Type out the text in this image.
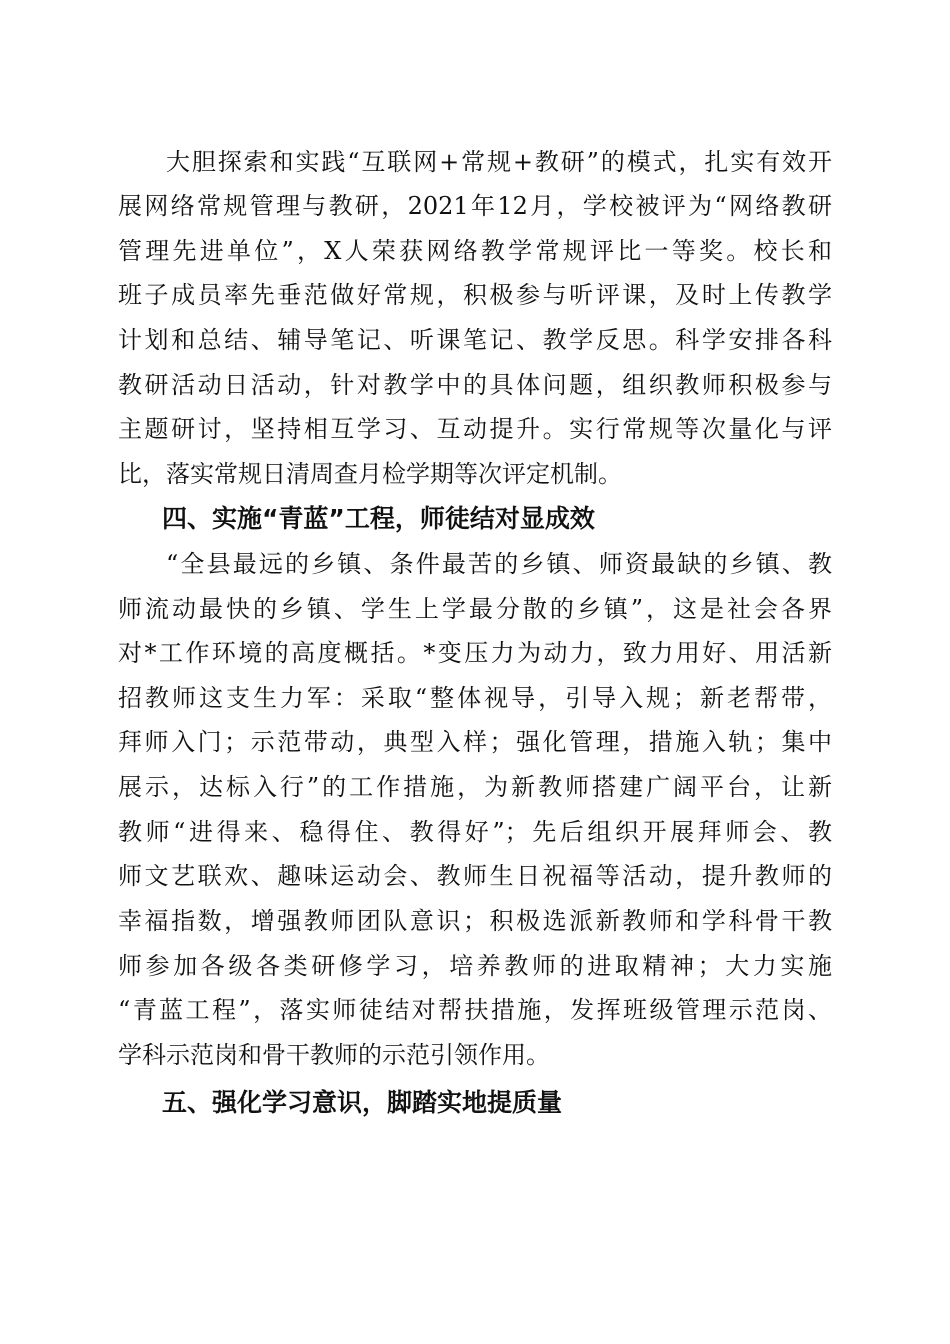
大胆探索和实践“互联网+常规+教研”的模式，扎实有效开
展网络常规管理与教研，2021年12月，学校被评为“网络教研
管理先进单位”，X人荣获网络教学常规评比一等奖。校长和
班子成员率先垂范做好常规，积极参与听评课，及时上传教学
计划和总结、辅导笔记、听课笔记、教学反思。科学安排各科
教研活动日活动，针对教学中的具体问题，组织教师积极参与
主题研讨，坚持相互学习、互动提升。实行常规等次量化与评
比，落实常规日清周查月检学期等次评定机制。
四、实施“青蓝”工程，师徒结对显成效
“全县最远的乡镇、条件最苦的乡镇、师资最缺的乡镇、教
师流动最快的乡镇、学生上学最分散的乡镇”，这是社会各界
对*工作环境的高度概括。*变压力为动力，致力用好、用活新
招教师这支生力军：采取“整体视导，引导入规；新老帮带，
拜师入门；示范带动，典型入样；强化管理，措施入轨；集中
展示，达标入行”的工作措施，为新教师搭建广阔平台，让新
教师“进得来、稳得住、教得好”；先后组织开展拜师会、教
师文艺联欢、趣味运动会、教师生日祝福等活动，提升教师的
幸福指数，增强教师团队意识；积极选派新教师和学科骨干教
师参加各级各类研修学习，培养教师的进取精神；大力实施
“青蓝工程”，落实师徒结对帮扶措施，发挥班级管理示范岗、
学科示范岗和骨干教师的示范引领作用。
五、强化学习意识，脚踏实地提质量
